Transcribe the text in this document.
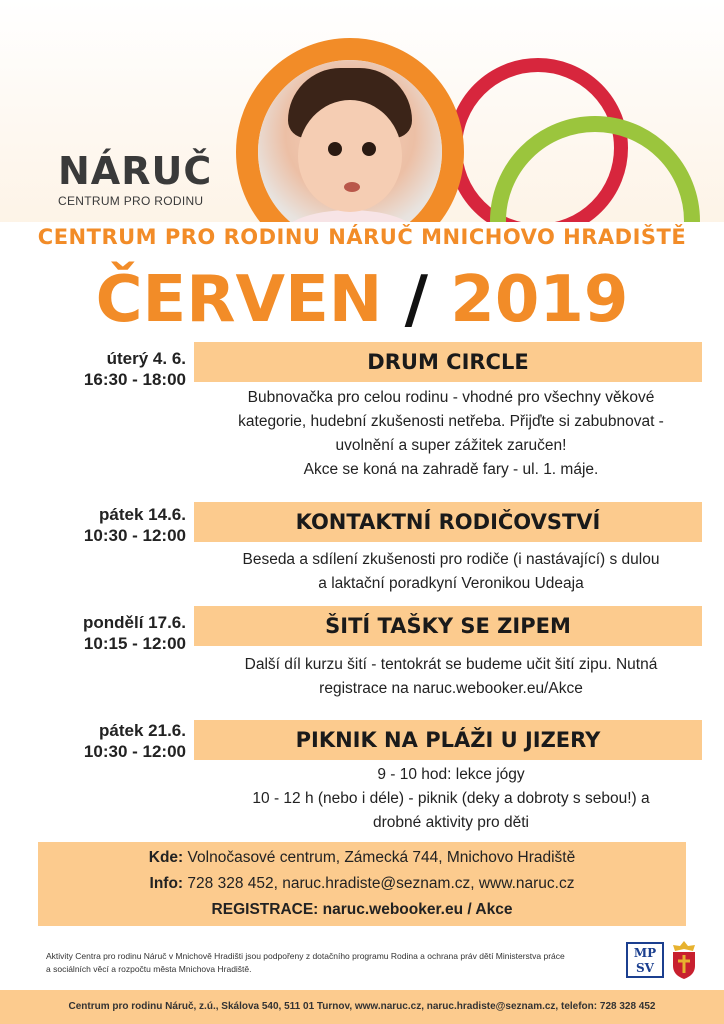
NÁRUČ
CENTRUM PRO RODINU
CENTRUM PRO RODINU NÁRUČ MNICHOVO HRADIŠTĚ
ČERVEN / 2019
úterý 4. 6.
16:30 - 18:00
DRUM CIRCLE
Bubnovačka pro celou rodinu - vhodné pro všechny věkové
kategorie, hudební zkušenosti netřeba. Přijďte si zabubnovat -
uvolnění a super zážitek zaručen!
Akce se koná na zahradě fary - ul. 1. máje.
pátek 14.6.
10:30 - 12:00
KONTAKTNÍ RODIČOVSTVÍ
Beseda a sdílení zkušenosti pro rodiče (i nastávající) s dulou
a laktační poradkyní Veronikou Udeaja
pondělí 17.6.
10:15 - 12:00
ŠITÍ TAŠKY SE ZIPEM
Další díl kurzu šití - tentokrát se budeme učit šití zipu. Nutná
registrace na naruc.webooker.eu/Akce
pátek 21.6.
10:30 - 12:00	PIKNIK NA PLÁŽI U JIZERY
9 - 10 hod: lekce jógy
10 - 12 h (nebo i déle) - piknik (deky a dobroty s sebou!) a
drobné aktivity pro děti
Kde: Volnočasové centrum, Zámecká 744, Mnichovo Hradiště
Info: 728 328 452, naruc.hradiste@seznam.cz, www.naruc.cz
REGISTRACE: naruc.webooker.eu / Akce
Aktivity Centra pro rodinu Náruč v Mnichově Hradišti jsou podpořeny z dotačního programu Rodina a ochrana práv dětí Ministerstva práce a sociálních věcí a rozpočtu města Mnichova Hradiště.
MP
SV
Centrum pro rodinu Náruč, z.ú., Skálova 540, 511 01 Turnov, www.naruc.cz, naruc.hradiste@seznam.cz, telefon: 728 328 452
